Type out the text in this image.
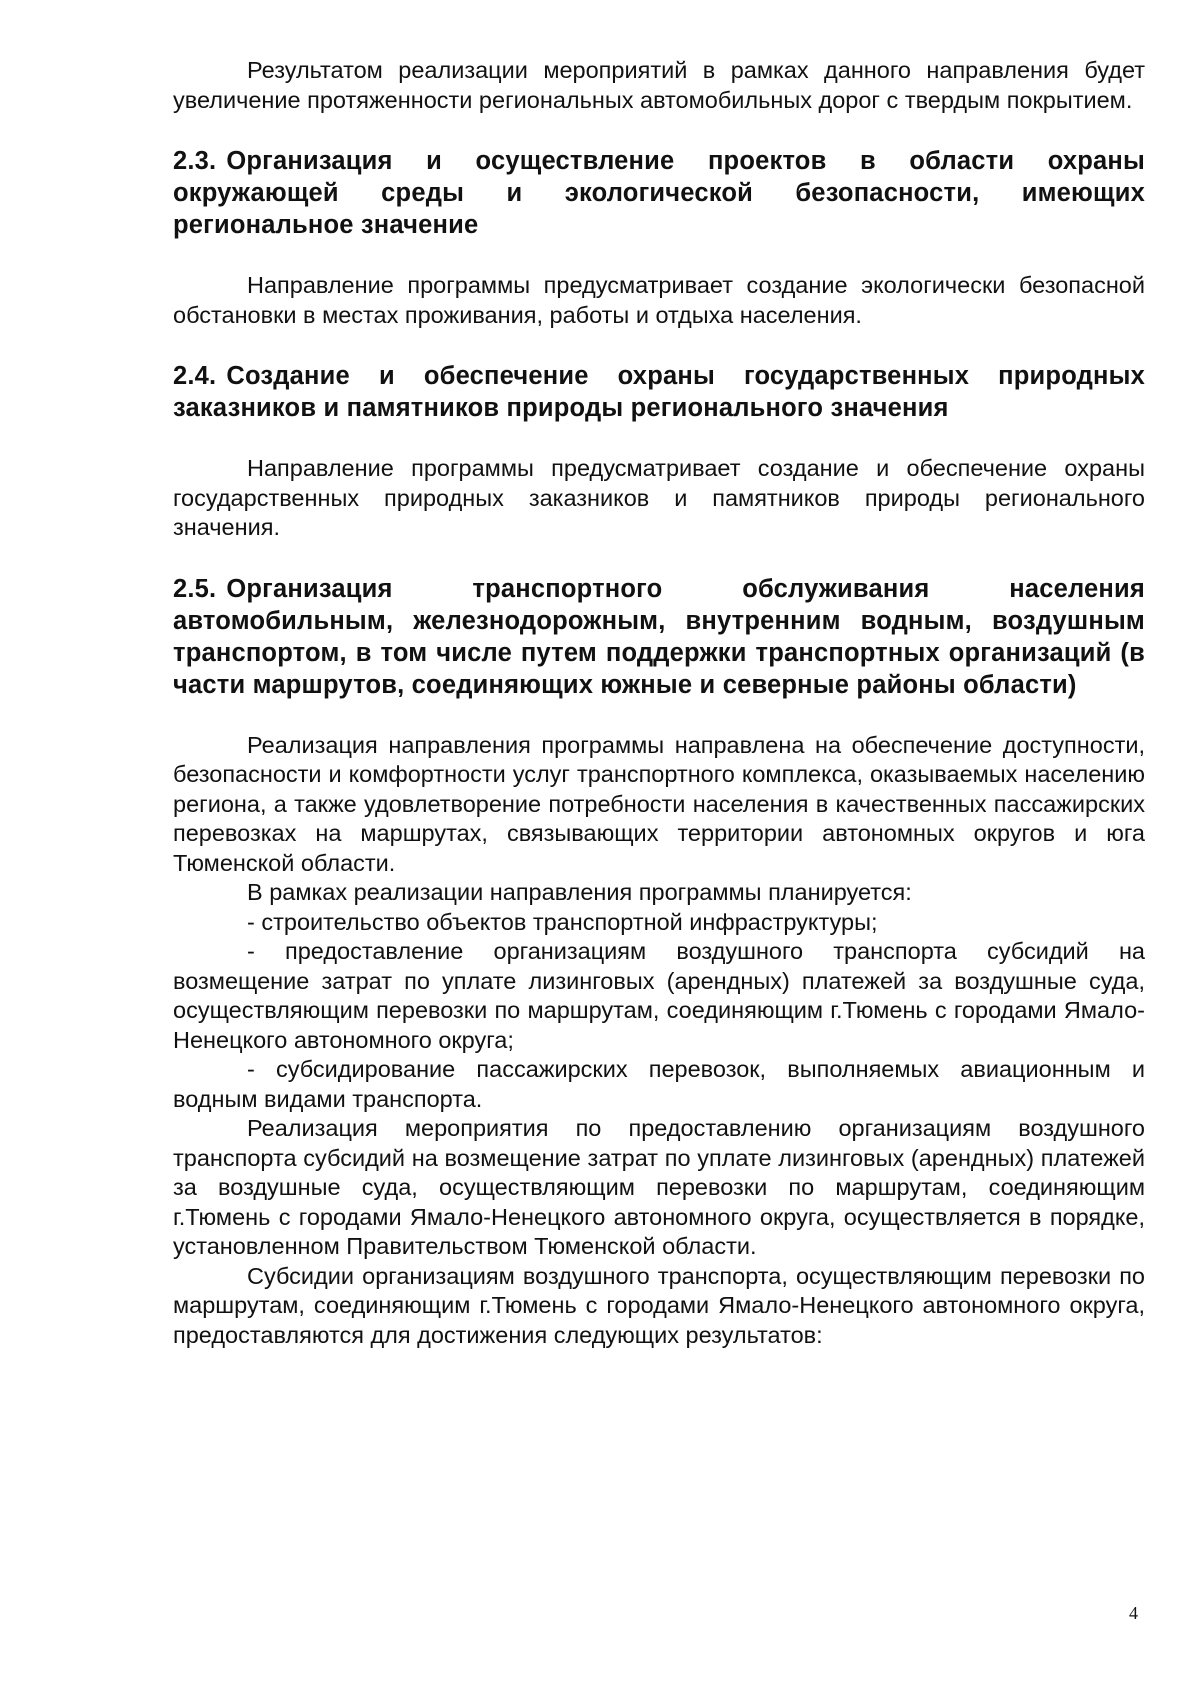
Результатом реализации мероприятий в рамках данного направления будет увеличение протяженности региональных автомобильных дорог с твердым покрытием.

2.3. Организация и осуществление проектов в области охраны окружающей среды и экологической безопасности, имеющих региональное значение

Направление программы предусматривает создание экологически безопасной обстановки в местах проживания, работы и отдыха населения.

2.4. Создание и обеспечение охраны государственных природных заказников и памятников природы регионального значения

Направление программы предусматривает создание и обеспечение охраны государственных природных заказников и памятников природы регионального значения.

2.5. Организация транспортного обслуживания населения автомобильным, железнодорожным, внутренним водным, воздушным транспортом, в том числе путем поддержки транспортных организаций (в части маршрутов, соединяющих южные и северные районы области)

Реализация направления программы направлена на обеспечение доступности, безопасности и комфортности услуг транспортного комплекса, оказываемых населению региона, а также удовлетворение потребности населения в качественных пассажирских перевозках на маршрутах, связывающих территории автономных округов и юга Тюменской области.

В рамках реализации направления программы планируется:

- строительство объектов транспортной инфраструктуры;

- предоставление организациям воздушного транспорта субсидий на возмещение затрат по уплате лизинговых (арендных) платежей за воздушные суда, осуществляющим перевозки по маршрутам, соединяющим г.Тюмень с городами Ямало-Ненецкого автономного округа;

- субсидирование пассажирских перевозок, выполняемых авиационным и водным видами транспорта.

Реализация мероприятия по предоставлению организациям воздушного транспорта субсидий на возмещение затрат по уплате лизинговых (арендных) платежей за воздушные суда, осуществляющим перевозки по маршрутам, соединяющим г.Тюмень с городами Ямало-Ненецкого автономного округа, осуществляется в порядке, установленном Правительством Тюменской области.

Субсидии организациям воздушного транспорта, осуществляющим перевозки по маршрутам, соединяющим г.Тюмень с городами Ямало-Ненецкого автономного округа, предоставляются для достижения следующих результатов:

4
